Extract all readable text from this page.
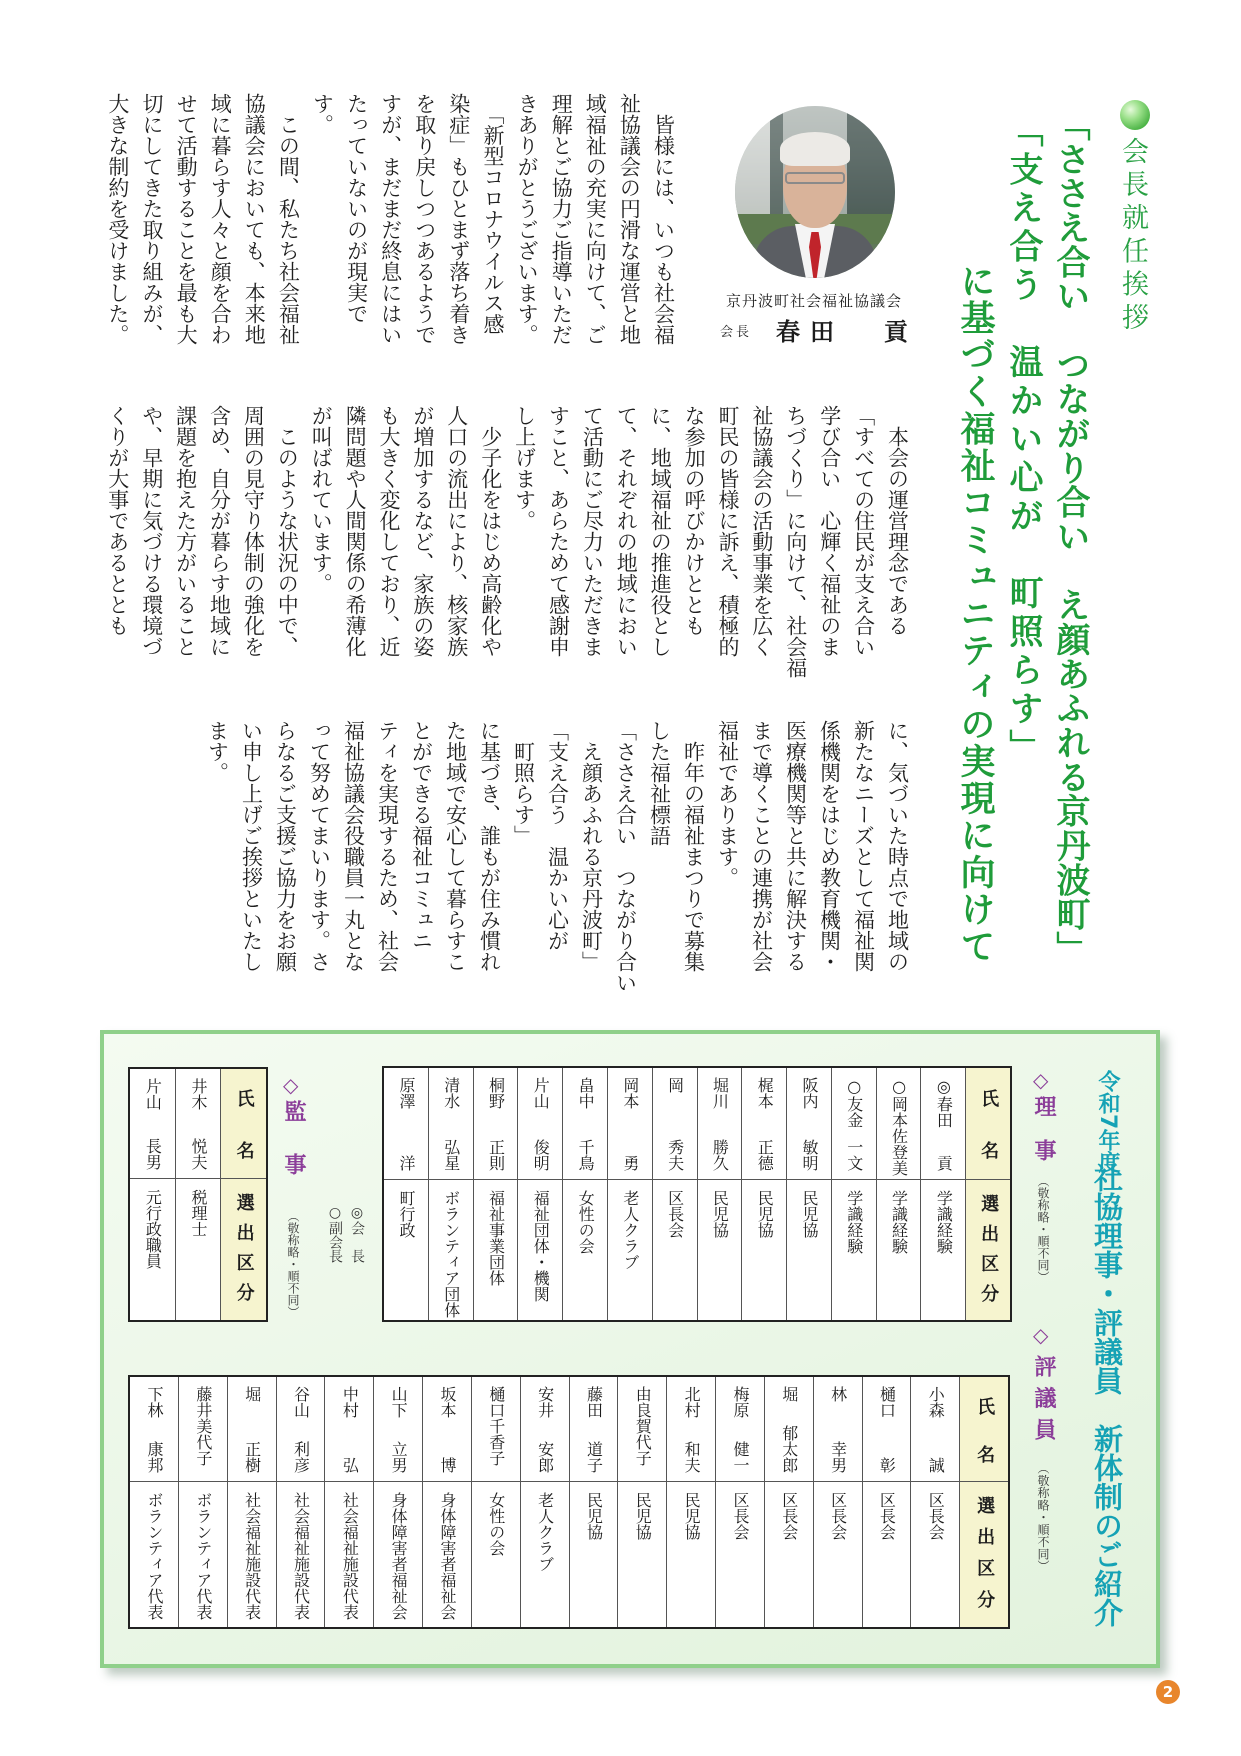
会長就任挨拶
「ささえ合い　つながり合い　え顔あふれる京丹波町」
「支え合う　温かい心が　町照らす」
に基づく福祉コミュニティの実現に向けて
京丹波町社会福祉協議会
会長 春田 貢
　皆様には、いつも社会福
祉協議会の円滑な運営と地
域福祉の充実に向けて、ご
理解とご協力ご指導いただ
きありがとうございます。
　「新型コロナウイルス感
染症」もひとまず落ち着き
を取り戻しつつあるようで
すが、まだまだ終息にはい
たっていないのが現実で
す。
　この間、私たち社会福祉
協議会においても、本来地
域に暮らす人々と顔を合わ
せて活動することを最も大
切にしてきた取り組みが、
大きな制約を受けました。
　本会の運営理念である
「すべての住民が支え合い
学び合い　心輝く福祉のま
ちづくり」に向けて、社会福
祉協議会の活動事業を広く
町民の皆様に訴え、積極的
な参加の呼びかけととも
に、地域福祉の推進役とし
て、それぞれの地域におい
て活動にご尽力いただきま
すこと、あらためて感謝申
し上げます。
　少子化をはじめ高齢化や
人口の流出により、核家族
が増加するなど、家族の姿
も大きく変化しており、近
隣問題や人間関係の希薄化
が叫ばれています。
　このような状況の中で、
周囲の見守り体制の強化を
含め、自分が暮らす地域に
課題を抱えた方がいること
や、早期に気づける環境づ
くりが大事であるととも
に、気づいた時点で地域の
新たなニーズとして福祉関
係機関をはじめ教育機関・
医療機関等と共に解決する
まで導くことの連携が社会
福祉であります。
　昨年の福祉まつりで募集
した福祉標語
「ささえ合い　つながり合い
　え顔あふれる京丹波町」
「支え合う　温かい心が
　町照らす」
に基づき、誰もが住み慣れ
た地域で安心して暮らすこ
とができる福祉コミュニ
ティを実現するため、社会
福祉協議会役職員一丸とな
って努めてまいります。さ
らなるご支援ご協力をお願
い申し上げご挨拶といたし
ます。
令和7年度
社協理事・評議員　新体制のご紹介
◇
理　事
（敬称略・順不同）
氏名
選出区分
◎春田
貢
学識経験
○岡本佐登美
学識経験
○友金
一文
学識経験
阪内
敏明
民児協
梶本
正德
民児協
堀川
勝久
民児協
岡
秀夫
区長会
岡本
勇
老人クラブ
畠中
千鳥
女性の会
片山
俊明
福祉団体・機関
桐野
正則
福祉事業団体
清水
弘星
ボランティア団体
原澤
洋
町行政
◇
監　事
（敬称略・順不同）	◎会　長
○副会長
氏名
選出区分
井木
悦夫
税理士
片山
長男
元行政職員
◇
評議員
（敬称略・順不同）
氏名
選出区分
小森
誠
区長会
樋口
彰
区長会
林
幸男
区長会
堀
郁太郎
区長会
梅原
健一
区長会
北村
和夫
民児協
由良賀代子
民児協
藤田
道子
民児協
安井
安郎
老人クラブ
樋口千香子
女性の会
坂本
博
身体障害者福祉会
山下
立男
身体障害者福祉会
中村
弘
社会福祉施設代表
谷山
利彦
社会福祉施設代表
堀
正樹
社会福祉施設代表
藤井美代子
ボランティア代表
下林
康邦
ボランティア代表
2
